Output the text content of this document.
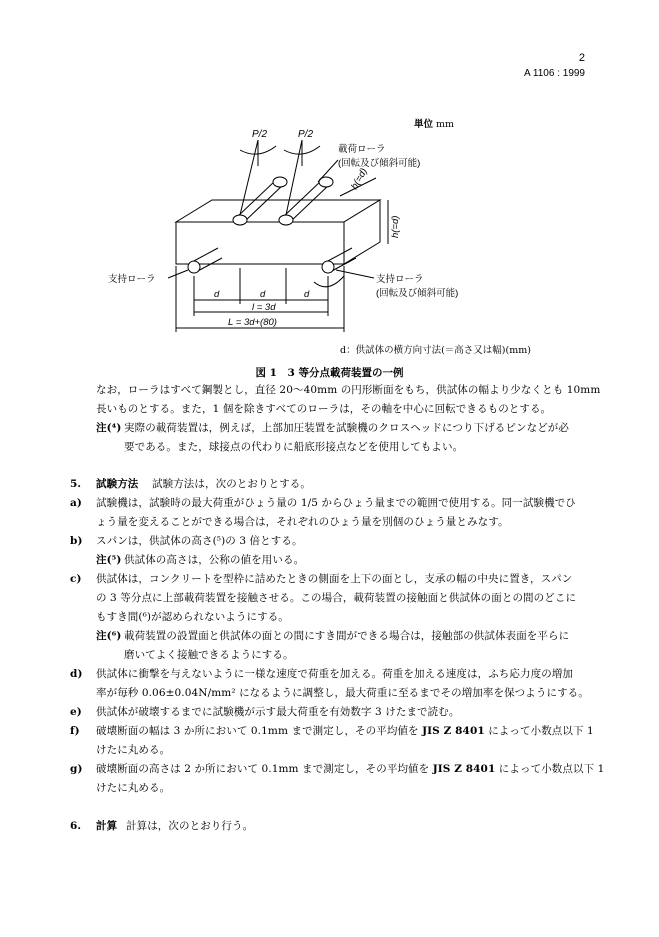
2
A 1106 : 1999
単位 mm
P/2	P/2
載荷ローラ
(回転及び傾斜可能)
b(=d)
h(=d)
支持ローラ	支持ローラ
(回転及び傾斜可能)
d	d	d
l = 3d
L = 3d+(80)
d：供試体の横方向寸法(＝高さ又は幅)(mm)
図 1　3 等分点載荷装置の一例
なお，ローラはすべて鋼製とし，直径 20～40mm の円形断面をもち，供試体の幅より少なくとも 10mm
長いものとする。また，1 個を除きすべてのローラは，その軸を中心に回転できるものとする。
注(⁴) 実際の載荷装置は，例えば，上部加圧装置を試験機のクロスヘッドにつり下げるピンなどが必
要である。また，球接点の代わりに船底形接点などを使用してもよい。
5. 試験方法 試験方法は，次のとおりとする。
a) 試験機は，試験時の最大荷重がひょう量の 1/5 からひょう量までの範囲で使用する。同一試験機でひ
ょう量を変えることができる場合は，それぞれのひょう量を別個のひょう量とみなす。
b) スパンは，供試体の高さ(⁵)の 3 倍とする。
注(⁵) 供試体の高さは，公称の値を用いる。
c) 供試体は，コンクリートを型枠に詰めたときの側面を上下の面とし，支承の幅の中央に置き，スパン
の 3 等分点に上部載荷装置を接触させる。この場合，載荷装置の接触面と供試体の面との間のどこに
もすき間(⁶)が認められないようにする。
注(⁶) 載荷装置の設置面と供試体の面との間にすき間ができる場合は，接触部の供試体表面を平らに
磨いてよく接触できるようにする。
d) 供試体に衝撃を与えないように一様な速度で荷重を加える。荷重を加える速度は，ふち応力度の増加
率が毎秒 0.06±0.04N/mm² になるように調整し，最大荷重に至るまでその増加率を保つようにする。
e) 供試体が破壊するまでに試験機が示す最大荷重を有効数字 3 けたまで読む。
f) 破壊断面の幅は 3 か所において 0.1mm まで測定し，その平均値を JIS Z 8401 によって小数点以下 1
けたに丸める。
g) 破壊断面の高さは 2 か所において 0.1mm まで測定し，その平均値を JIS Z 8401 によって小数点以下 1
けたに丸める。
6. 計算 計算は，次のとおり行う。
